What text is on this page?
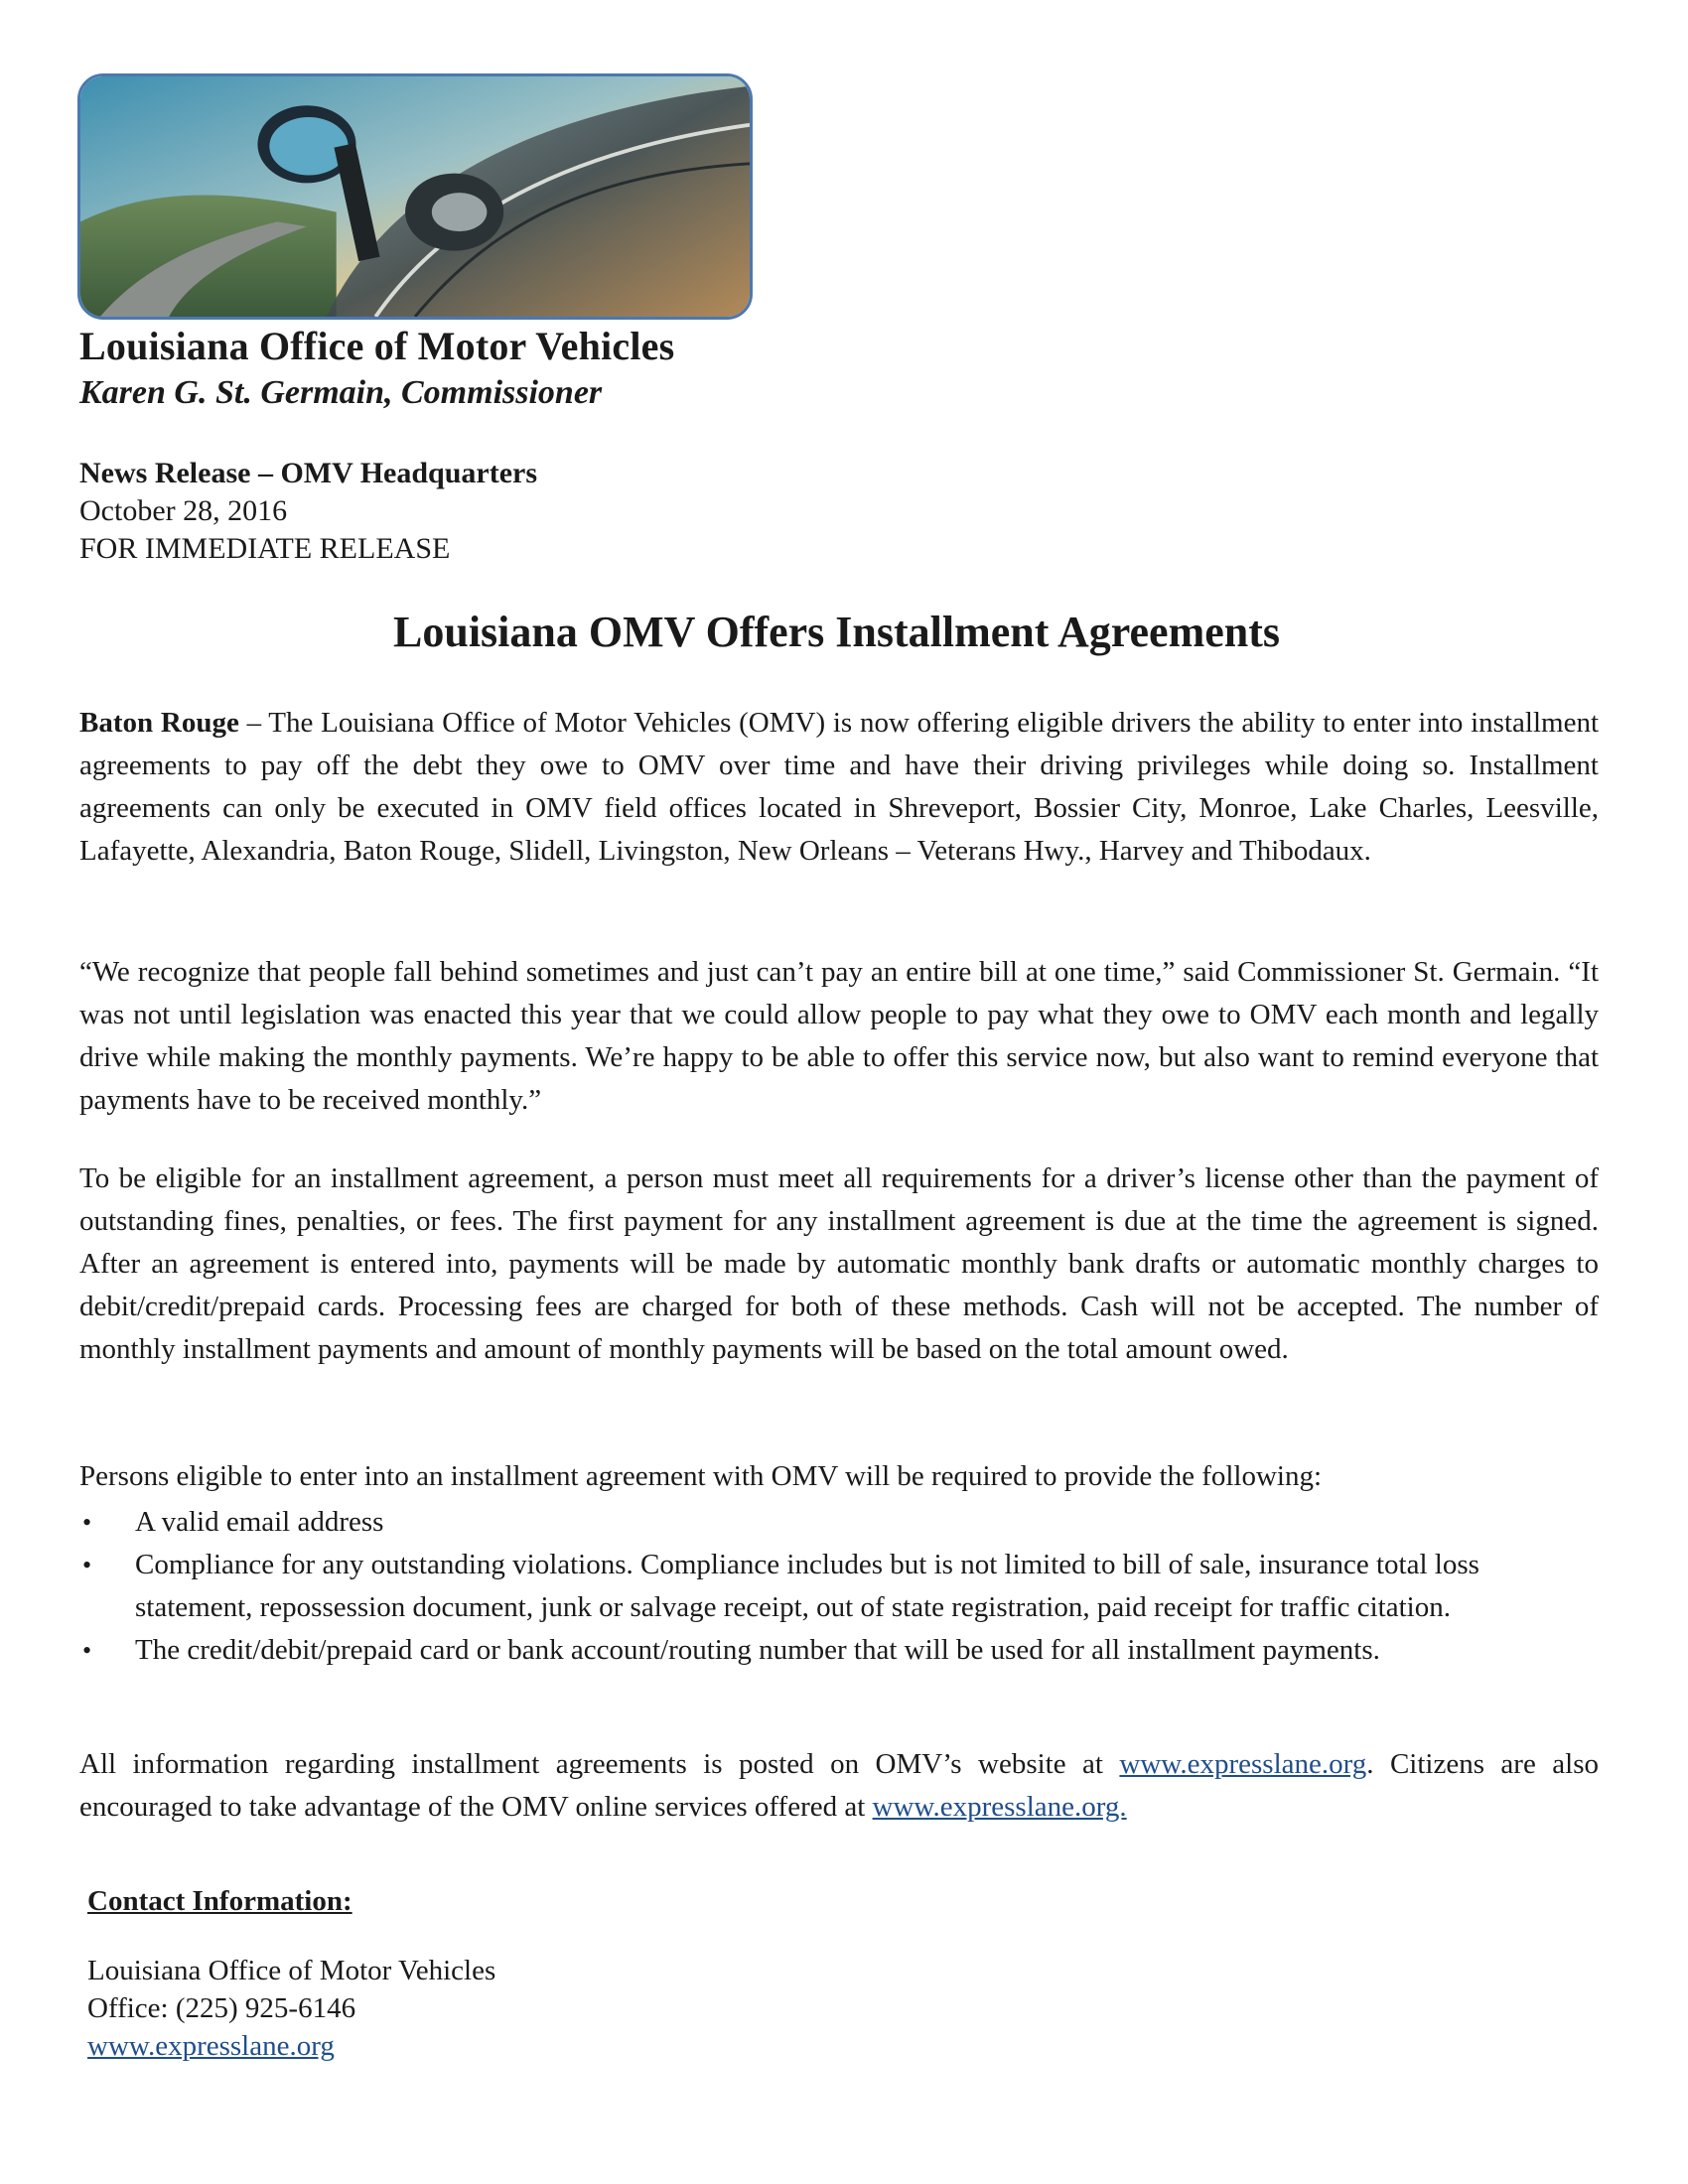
Louisiana Office of Motor Vehicles
Karen G. St. Germain, Commissioner
News Release – OMV Headquarters
October 28, 2016
FOR IMMEDIATE RELEASE
Louisiana OMV Offers Installment Agreements

Baton Rouge – The Louisiana Office of Motor Vehicles (OMV) is now offering eligible drivers the ability to enter into installment agreements to pay off the debt they owe to OMV over time and have their driving privileges while doing so. Installment agreements can only be executed in OMV field offices located in Shreveport, Bossier City, Monroe, Lake Charles, Leesville, Lafayette, Alexandria, Baton Rouge, Slidell, Livingston, New Orleans – Veterans Hwy., Harvey and Thibodaux.

“We recognize that people fall behind sometimes and just can’t pay an entire bill at one time,” said Commissioner St. Germain. “It was not until legislation was enacted this year that we could allow people to pay what they owe to OMV each month and legally drive while making the monthly payments. We’re happy to be able to offer this service now, but also want to remind everyone that payments have to be received monthly.”

To be eligible for an installment agreement, a person must meet all requirements for a driver’s license other than the payment of outstanding fines, penalties, or fees. The first payment for any installment agreement is due at the time the agreement is signed. After an agreement is entered into, payments will be made by automatic monthly bank drafts or automatic monthly charges to debit/credit/prepaid cards. Processing fees are charged for both of these methods. Cash will not be accepted. The number of monthly installment payments and amount of monthly payments will be based on the total amount owed.

Persons eligible to enter into an installment agreement with OMV will be required to provide the following:

• A valid email address
• Compliance for any outstanding violations. Compliance includes but is not limited to bill of sale, insurance total loss statement, repossession document, junk or salvage receipt, out of state registration, paid receipt for traffic citation.
• The credit/debit/prepaid card or bank account/routing number that will be used for all installment payments.

All information regarding installment agreements is posted on OMV’s website at www.expresslane.org. Citizens are also encouraged to take advantage of the OMV online services offered at www.expresslane.org.

Contact Information:
Louisiana Office of Motor Vehicles
Office: (225) 925-6146
www.expresslane.org
